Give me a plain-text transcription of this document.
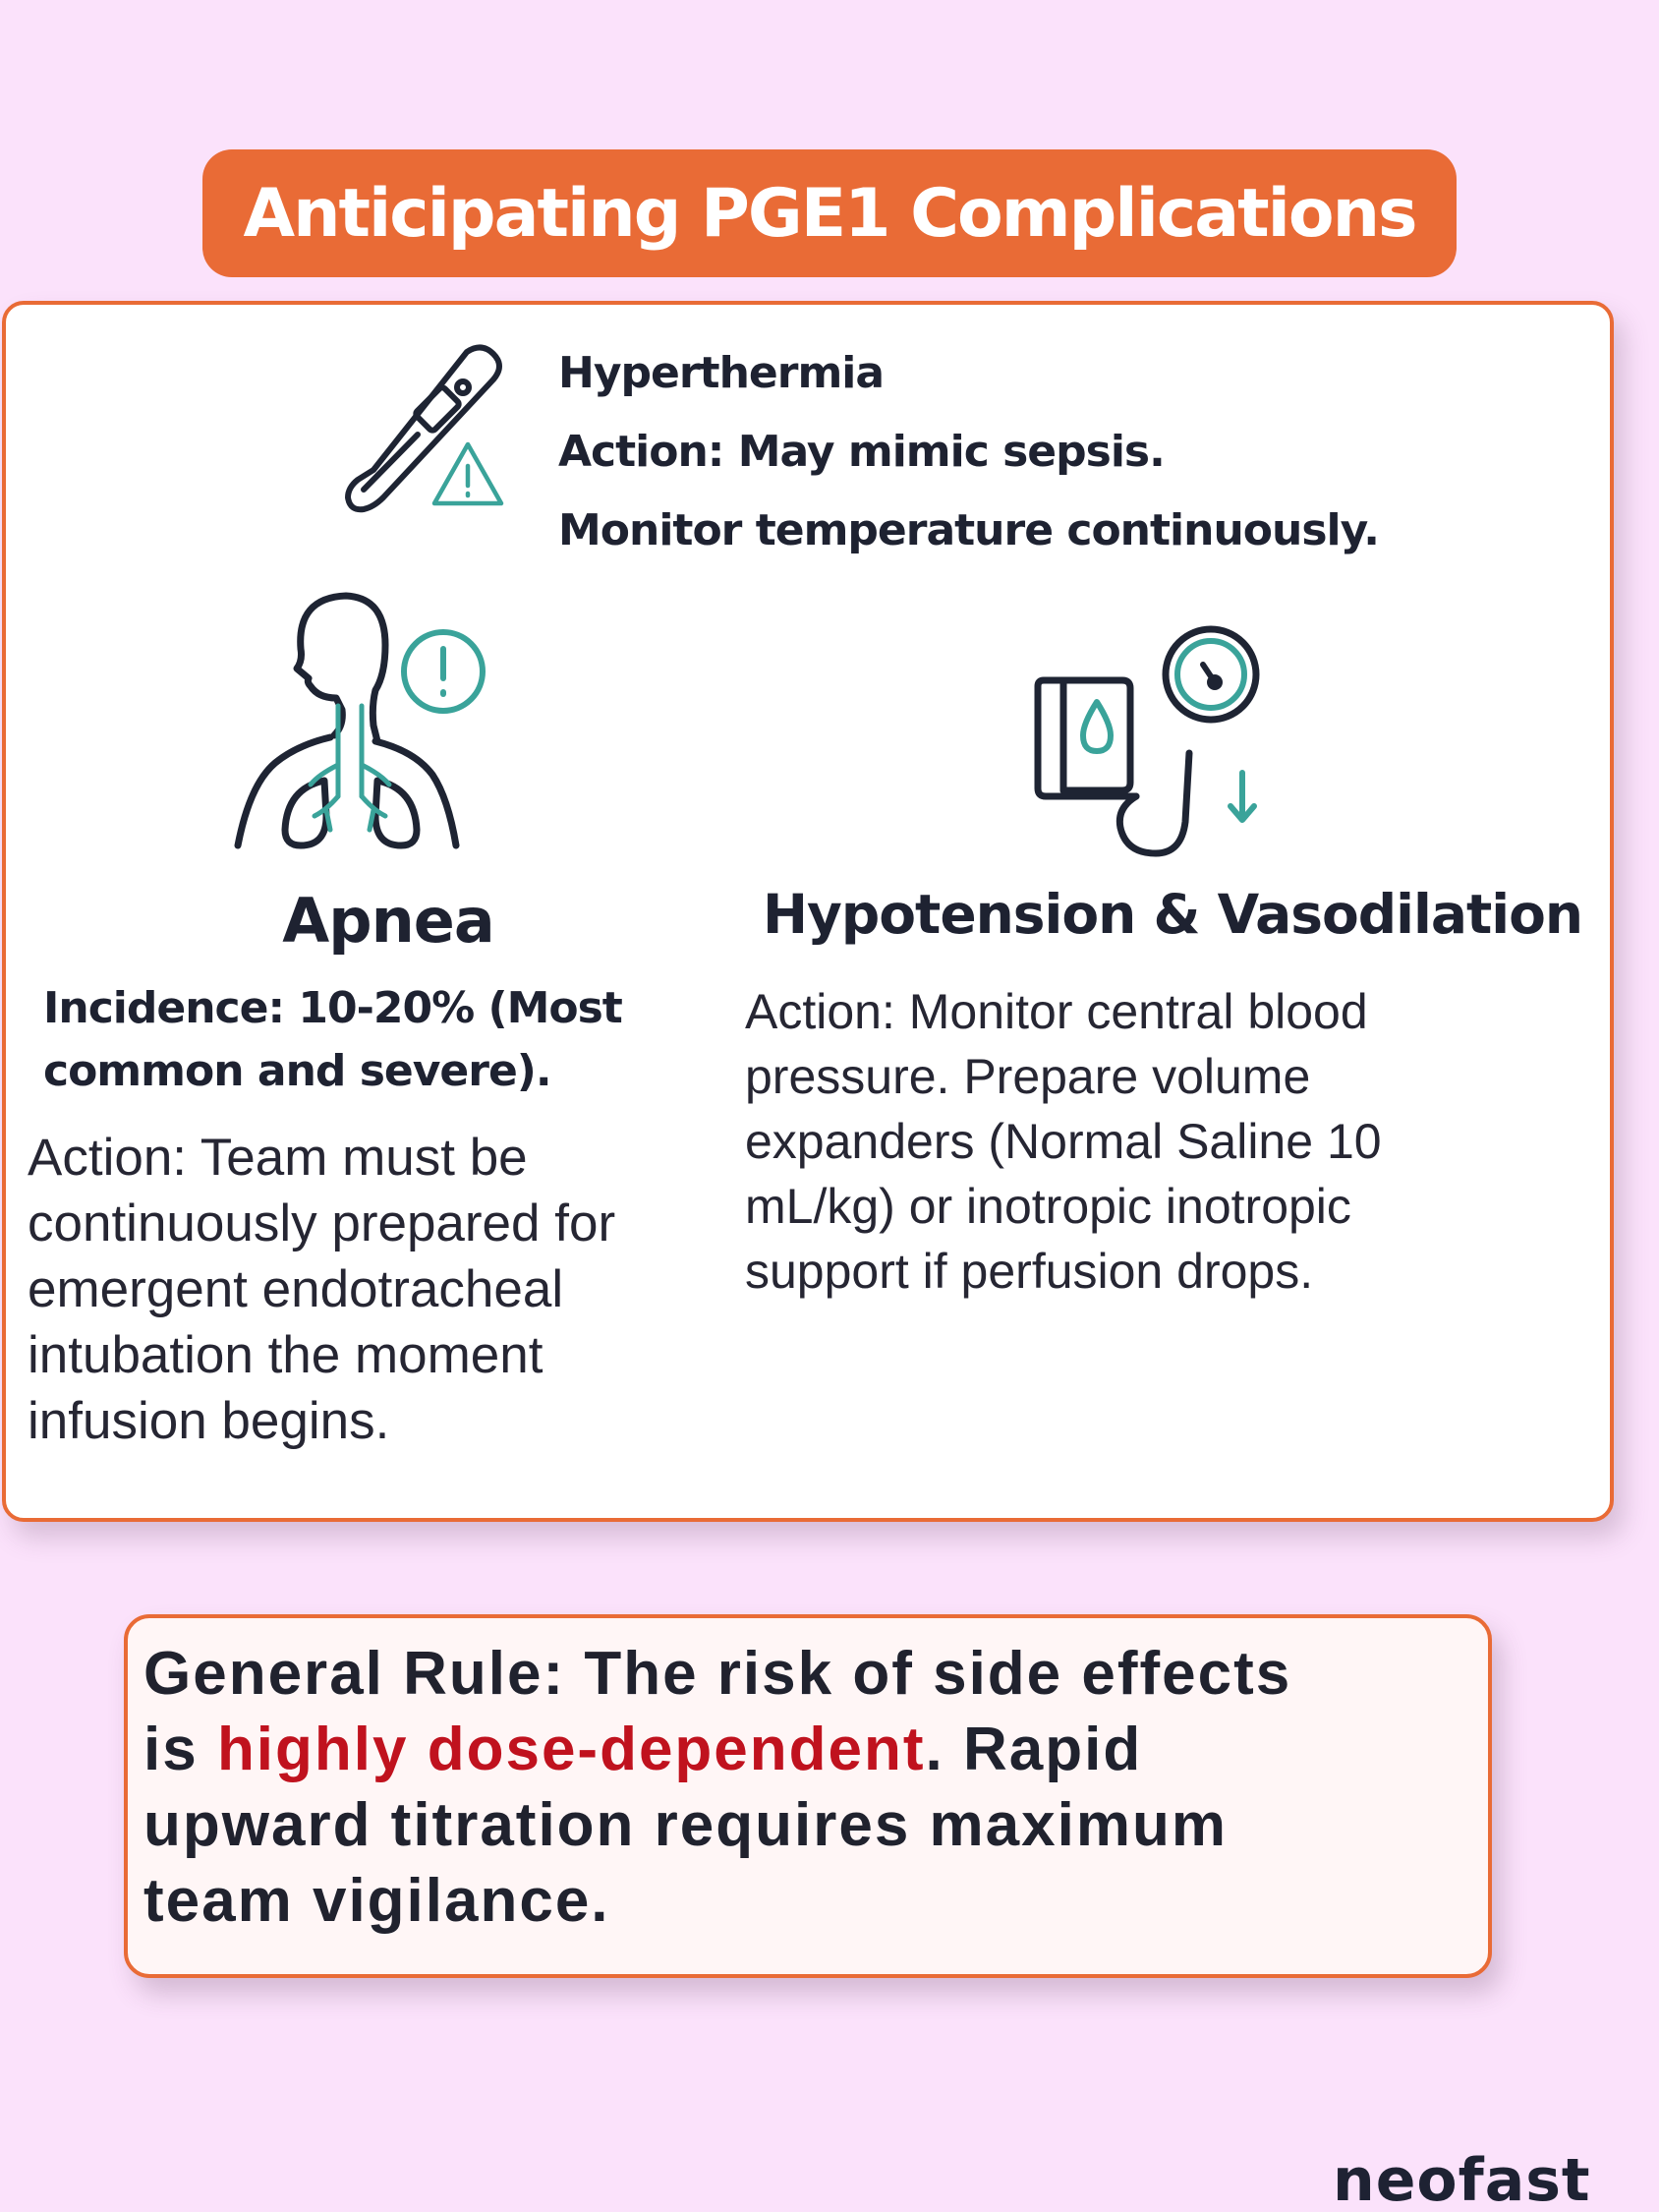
Anticipating PGE1 Complications
Hyperthermia
Action: May mimic sepsis.
Monitor temperature continuously.
Apnea
Incidence: 10-20% (Most
common and severe).
Action: Team must be
continuously prepared for
emergent endotracheal
intubation the moment
infusion begins.
Hypotension & Vasodilation
Action: Monitor central blood
pressure. Prepare volume
expanders (Normal Saline 10
mL/kg) or inotropic inotropic
support if perfusion drops.
General Rule: The risk of side effects
is highly dose-dependent. Rapid
upward titration requires maximum
team vigilance.
neofast
